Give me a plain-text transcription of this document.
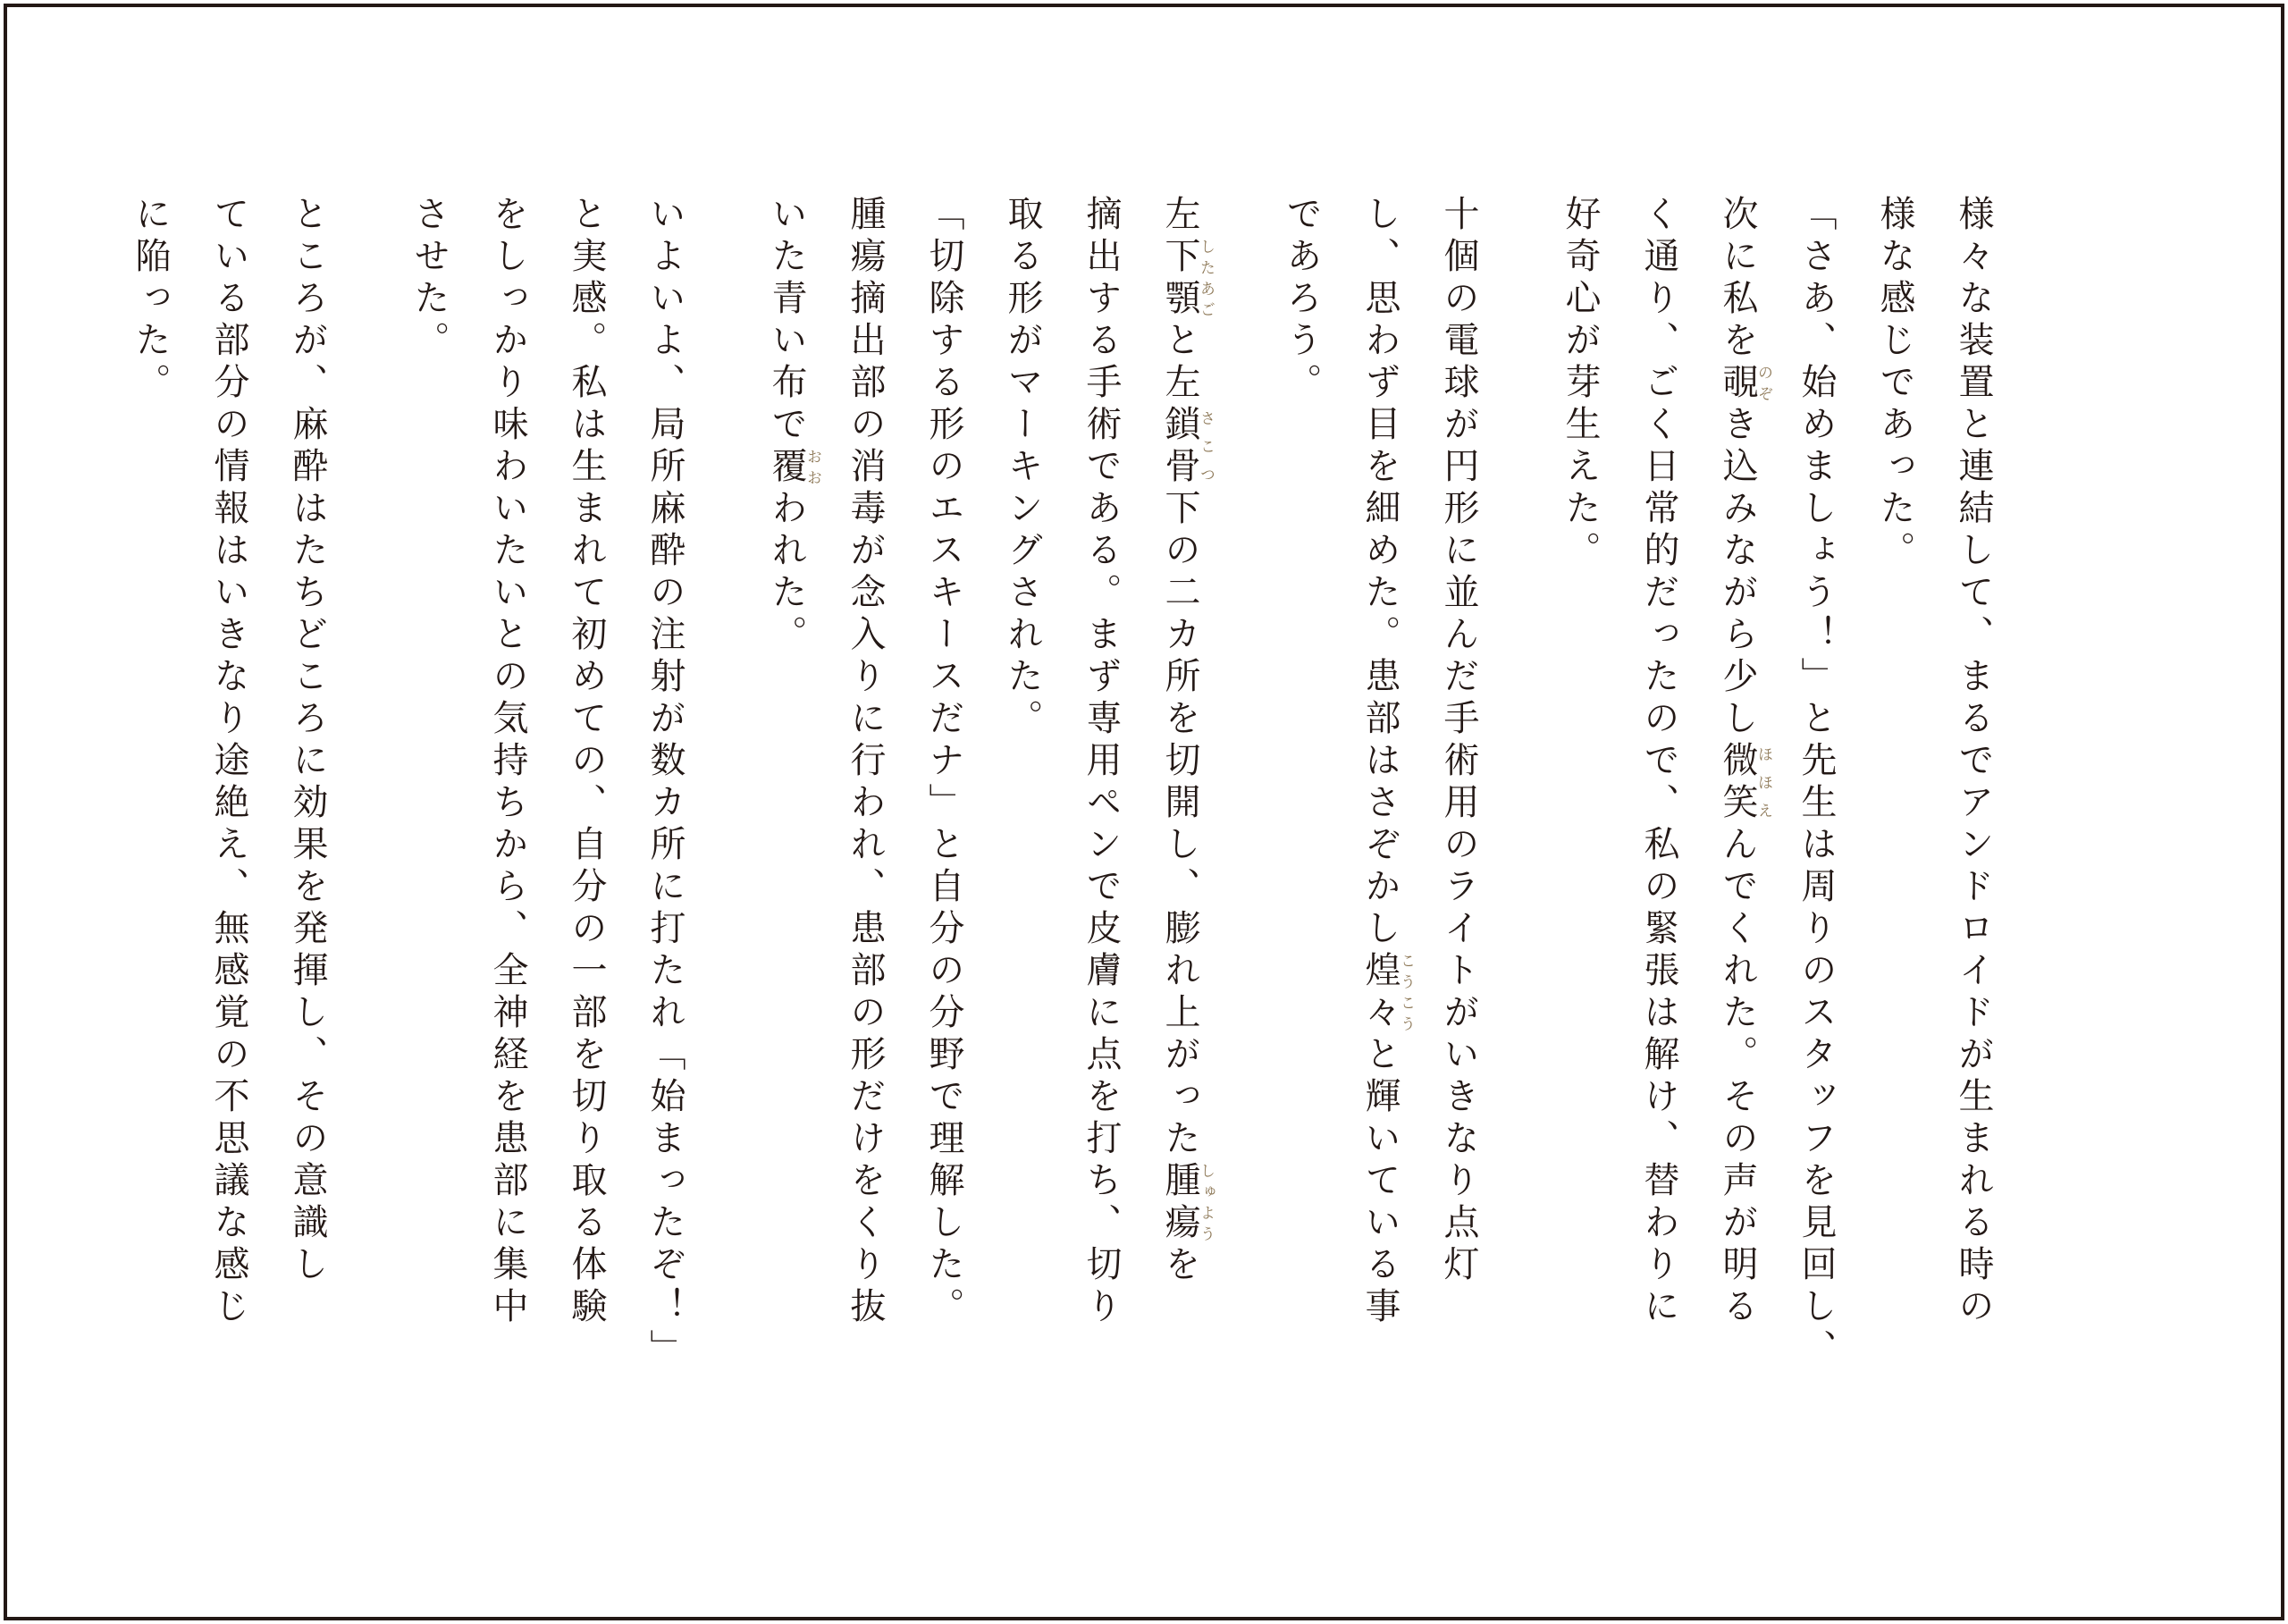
様々な装置と連結して、まるでアンドロイドが生まれる時の
様な感じであった。
「さあ、始めましょう！」と先生は周りのスタッフを見回し、
次に私を覗のぞき込みながら少し微笑ほほえんでくれた。その声が明る
く通り、ごく日常的だったので、私の緊張は解け、替わりに
好奇心が芽生えた。
十個の電球が円形に並んだ手術用のライトがいきなり点灯
し、思わず目を細めた。患部はさぞかし煌々こうこうと輝いている事
であろう。
左下顎したあごと左鎖骨さこつ下の二カ所を切開し、膨れ上がった腫瘍しゅようを
摘出する手術である。まず専用ペンで皮膚に点を打ち、切り
取る形がマーキングされた。
「切除する形のエスキースだナ」と自分の分野で理解した。
腫瘍摘出部の消毒が念入りに行われ、患部の形だけをくり抜
いた青い布で覆おおわれた。
いよいよ、局所麻酔の注射が数カ所に打たれ「始まったぞ！」
と実感。私は生まれて初めての、自分の一部を切り取る体験
をしっかり味わいたいとの気持ちから、全神経を患部に集中
させた。
ところが、麻酔はたちどころに効果を発揮し、その意識し
ている部分の情報はいきなり途絶え、無感覚の不思議な感じ
に陥った。
